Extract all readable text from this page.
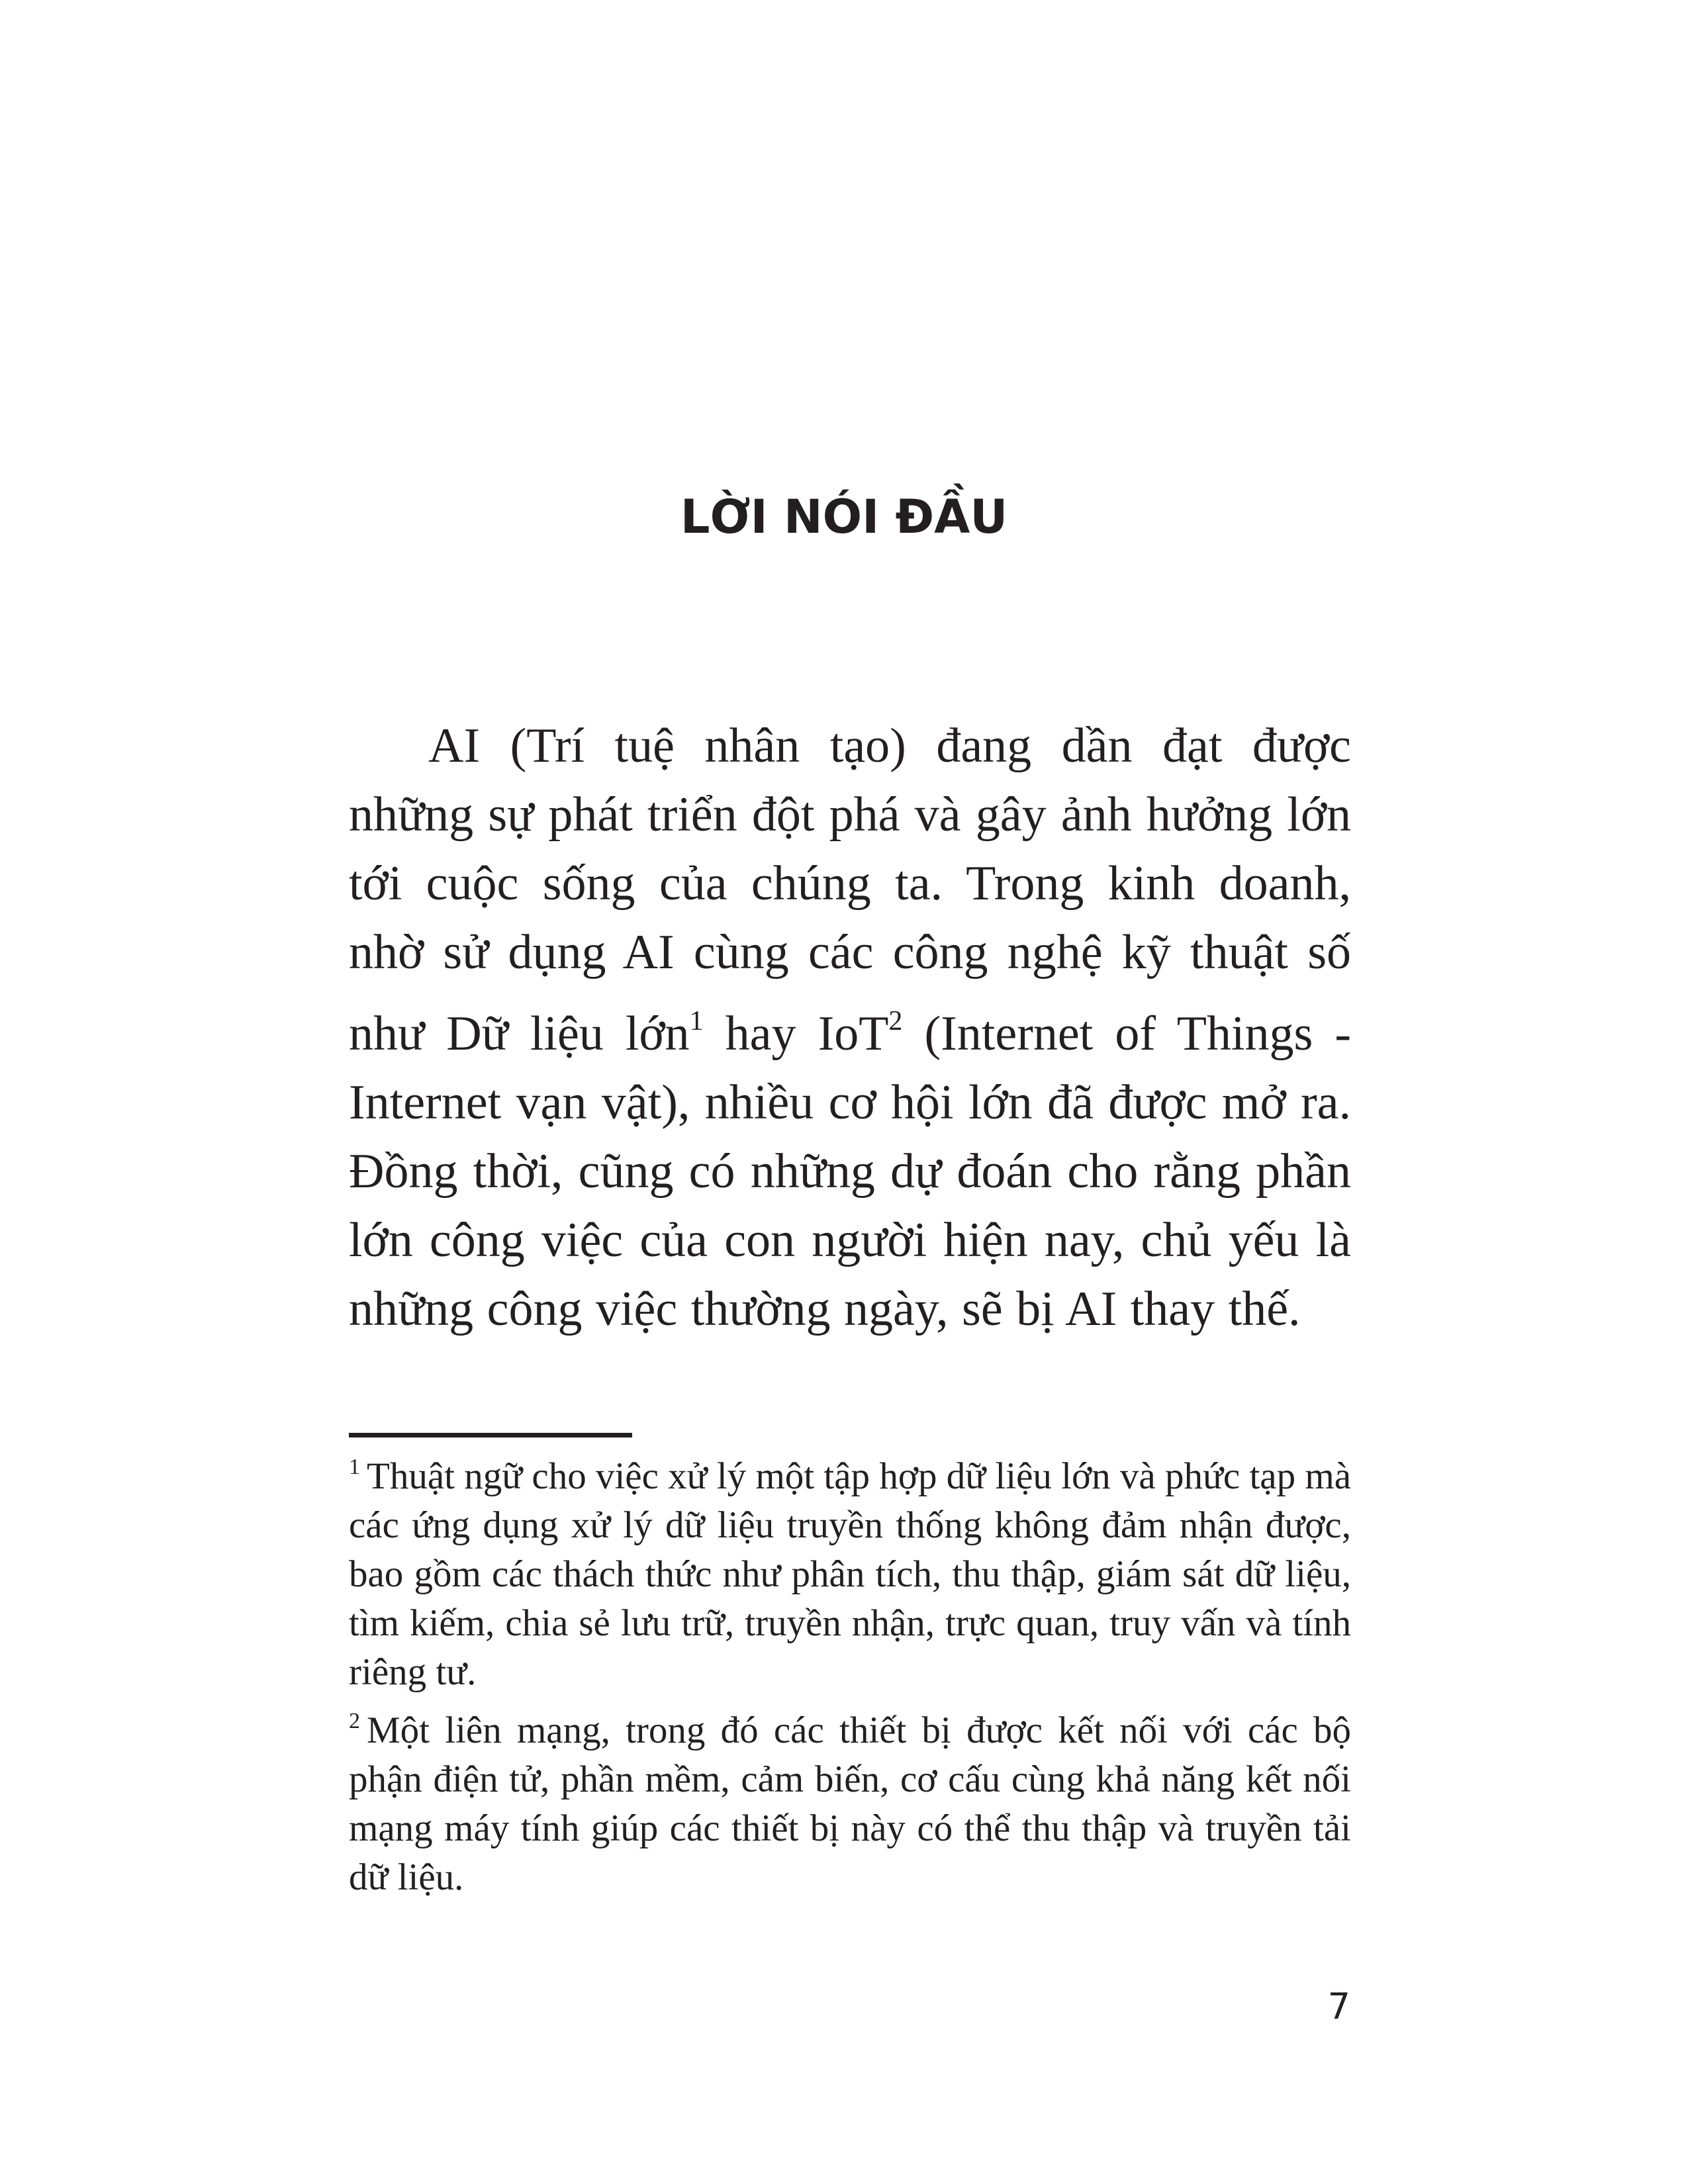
LỜI NÓI ĐẦU

AI (Trí tuệ nhân tạo) đang dần đạt được những sự phát triển đột phá và gây ảnh hưởng lớn tới cuộc sống của chúng ta. Trong kinh doanh, nhờ sử dụng AI cùng các công nghệ kỹ thuật số như Dữ liệu lớn$^1$ hay IoT$^2$ (Internet of Things - Internet vạn vật), nhiều cơ hội lớn đã được mở ra. Đồng thời, cũng có những dự đoán cho rằng phần lớn công việc của con người hiện nay, chủ yếu là những công việc thường ngày, sẽ bị AI thay thế.

$^1$ Thuật ngữ cho việc xử lý một tập hợp dữ liệu lớn và phức tạp mà các ứng dụng xử lý dữ liệu truyền thống không đảm nhận được, bao gồm các thách thức như phân tích, thu thập, giám sát dữ liệu, tìm kiếm, chia sẻ lưu trữ, truyền nhận, trực quan, truy vấn và tính riêng tư.

$^2$ Một liên mạng, trong đó các thiết bị được kết nối với các bộ phận điện tử, phần mềm, cảm biến, cơ cấu cùng khả năng kết nối mạng máy tính giúp các thiết bị này có thể thu thập và truyền tải dữ liệu.

7
